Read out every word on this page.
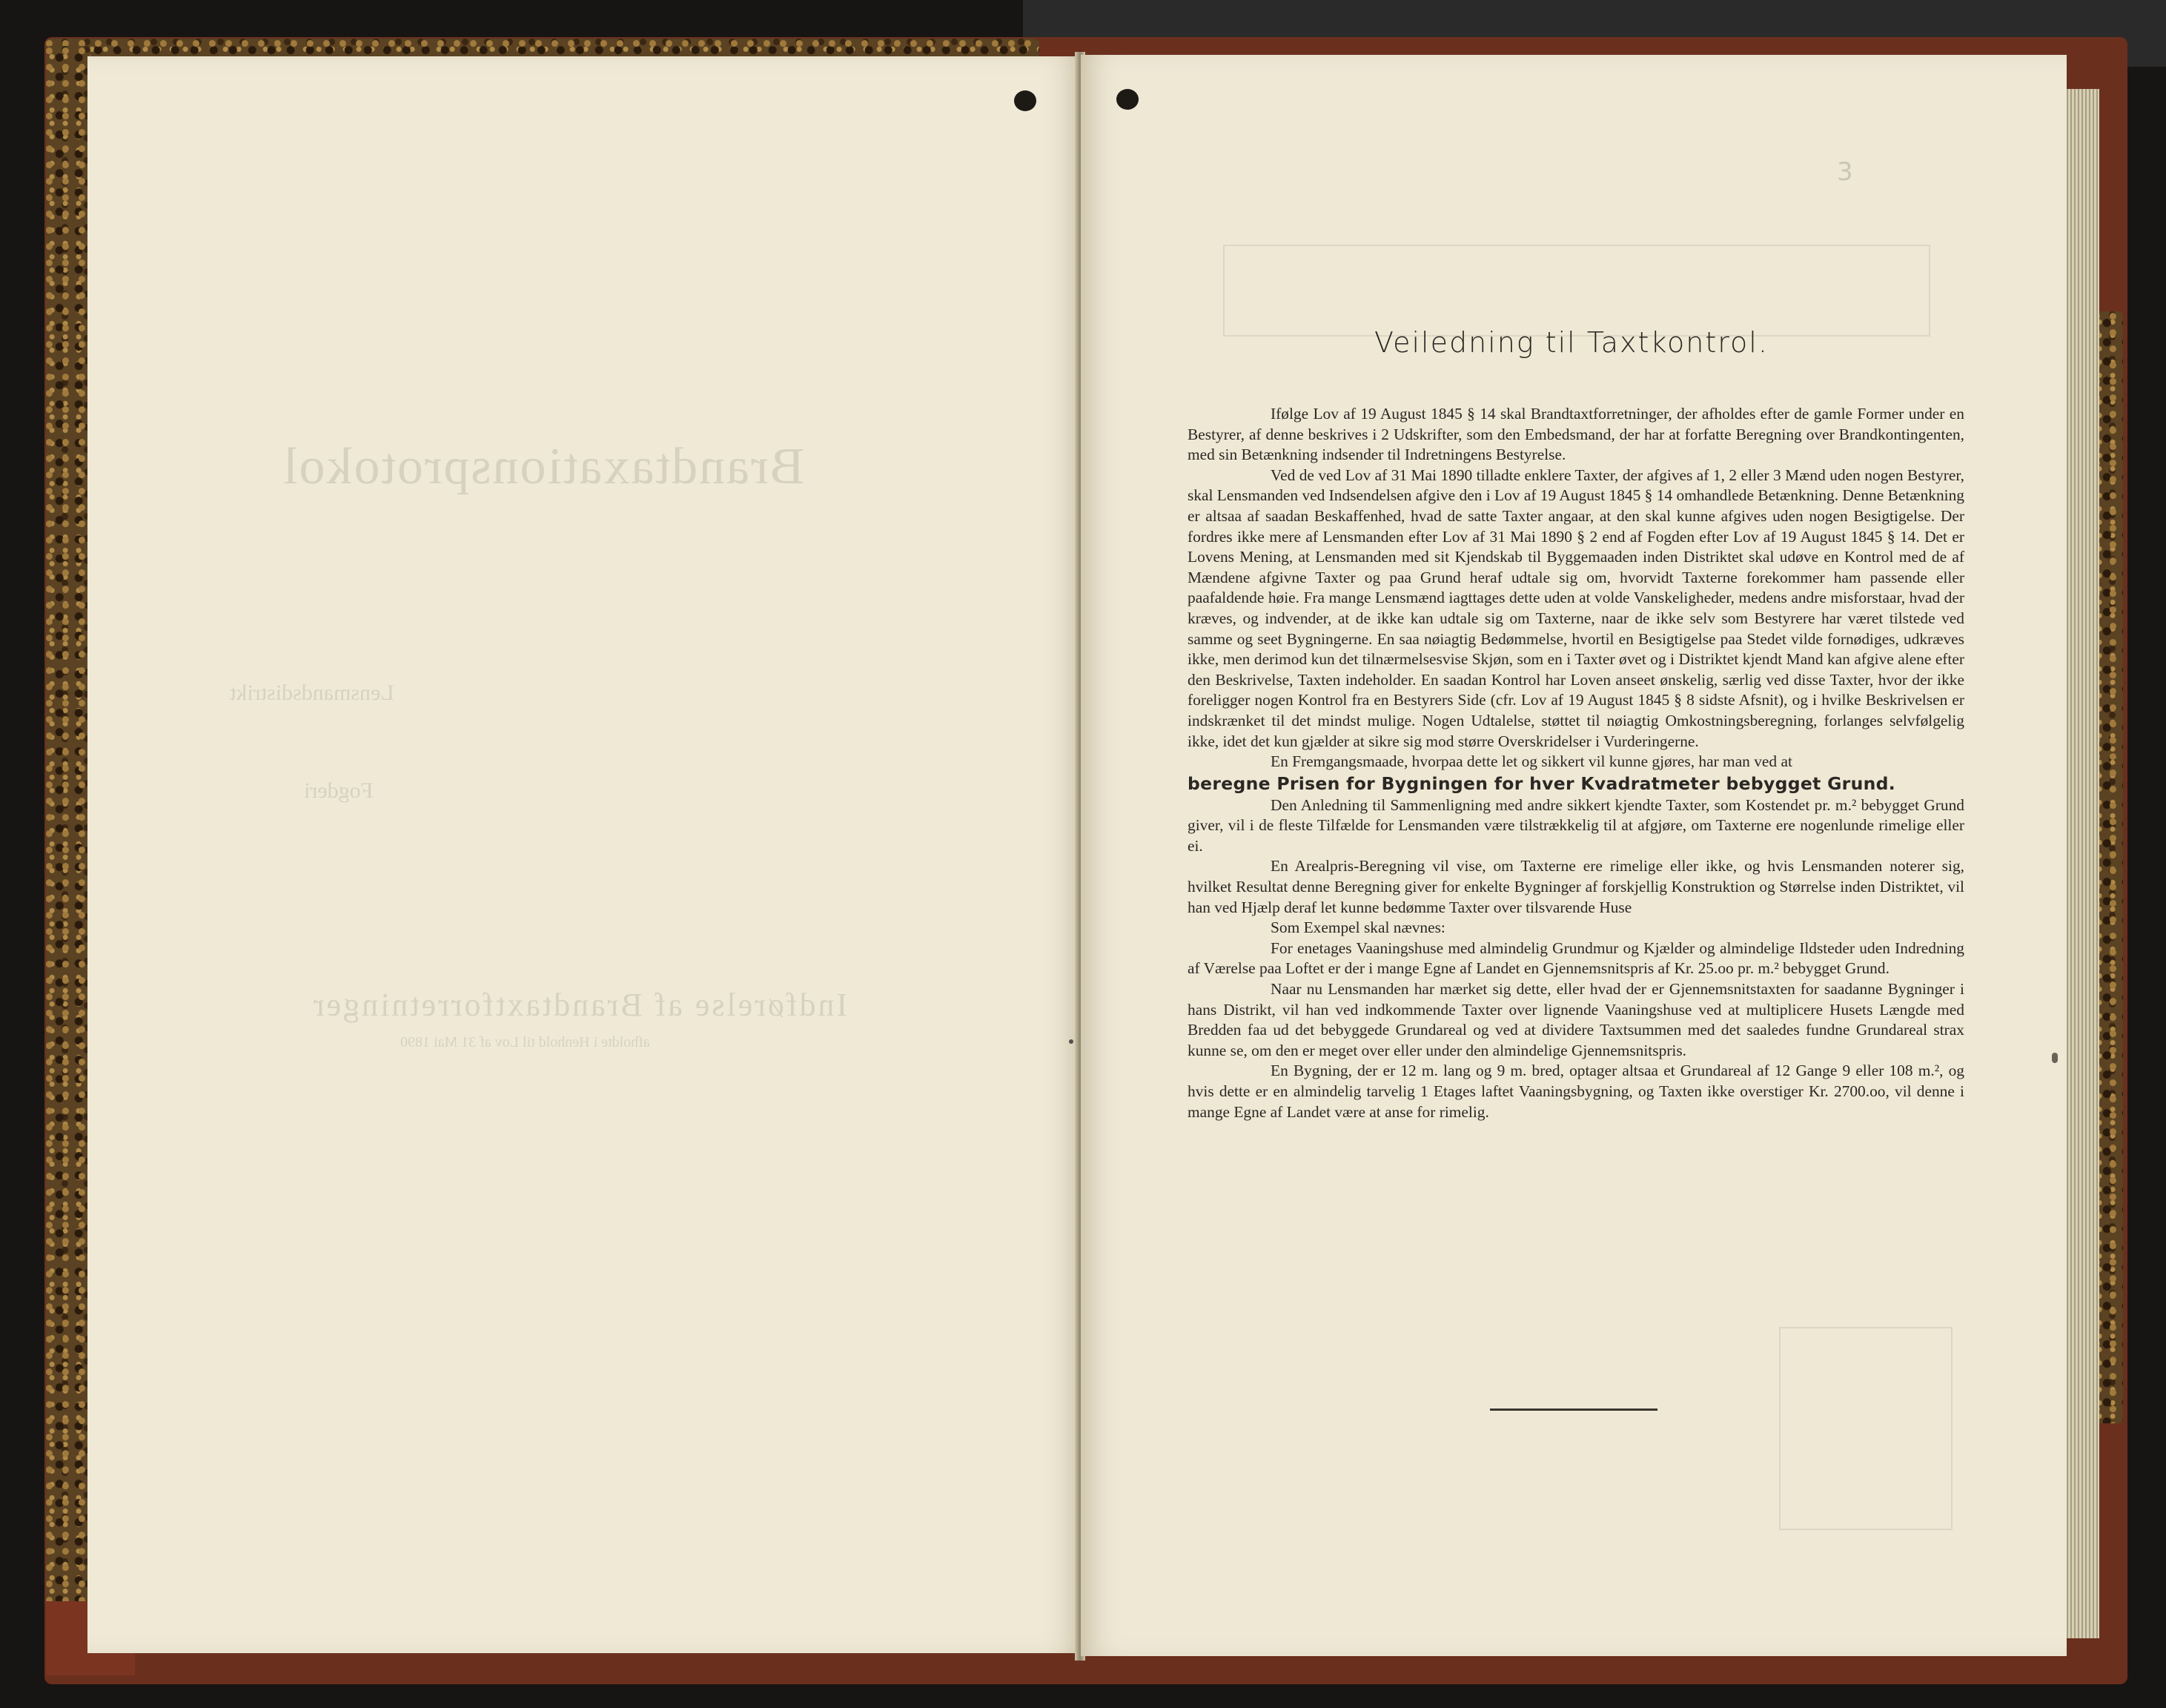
Brandtaxationsprotokol
Lensmandsdistrikt
Fogderi
Indførelse af Brandtaxtforretninger
afholdte i Henhold til Lov af 31 Mai 1890
3
Veiledning til Taxtkontrol.

Ifølge Lov af 19 August 1845 § 14 skal Brandtaxtforretninger, der afholdes efter de gamle Former under en Bestyrer, af denne beskrives i 2 Udskrifter, som den Embedsmand, der har at forfatte Beregning over Brandkontingenten, med sin Betænkning indsender til Indretningens Bestyrelse.

Ved de ved Lov af 31 Mai 1890 tilladte enklere Taxter, der afgives af 1, 2 eller 3 Mænd uden nogen Bestyrer, skal Lensmanden ved Indsendelsen afgive den i Lov af 19 August 1845 § 14 omhandlede Betænkning. Denne Betænkning er altsaa af saadan Beskaffenhed, hvad de satte Taxter angaar, at den skal kunne afgives uden nogen Besigtigelse. Der fordres ikke mere af Lensmanden efter Lov af 31 Mai 1890 § 2 end af Fogden efter Lov af 19 August 1845 § 14. Det er Lovens Mening, at Lensmanden med sit Kjendskab til Byggemaaden inden Distriktet skal udøve en Kontrol med de af Mændene afgivne Taxter og paa Grund heraf udtale sig om, hvorvidt Taxterne forekommer ham passende eller paafaldende høie. Fra mange Lensmænd iagttages dette uden at volde Vanskeligheder, medens andre misforstaar, hvad der kræves, og indvender, at de ikke kan udtale sig om Taxterne, naar de ikke selv som Bestyrere har været tilstede ved samme og seet Bygningerne. En saa nøiagtig Bedømmelse, hvortil en Besigtigelse paa Stedet vilde fornødiges, udkræves ikke, men derimod kun det tilnærmelsesvise Skjøn, som en i Taxter øvet og i Distriktet kjendt Mand kan afgive alene efter den Beskrivelse, Taxten indeholder. En saadan Kontrol har Loven anseet ønskelig, særlig ved disse Taxter, hvor der ikke foreligger nogen Kontrol fra en Bestyrers Side (cfr. Lov af 19 August 1845 § 8 sidste Afsnit), og i hvilke Beskrivelsen er indskrænket til det mindst mulige. Nogen Udtalelse, støttet til nøiagtig Omkostningsberegning, forlanges selvfølgelig ikke, idet det kun gjælder at sikre sig mod større Overskridelser i Vurderingerne.

En Fremgangsmaade, hvorpaa dette let og sikkert vil kunne gjøres, har man ved at

beregne Prisen for Bygningen for hver Kvadratmeter bebygget Grund.

Den Anledning til Sammenligning med andre sikkert kjendte Taxter, som Kostendet pr. m.² bebygget Grund giver, vil i de fleste Tilfælde for Lensmanden være tilstrækkelig til at afgjøre, om Taxterne ere nogenlunde rimelige eller ei.

En Arealpris-Beregning vil vise, om Taxterne ere rimelige eller ikke, og hvis Lensmanden noterer sig, hvilket Resultat denne Beregning giver for enkelte Bygninger af forskjellig Konstruktion og Størrelse inden Distriktet, vil han ved Hjælp deraf let kunne bedømme Taxter over tilsvarende Huse

Som Exempel skal nævnes:

For enetages Vaaningshuse med almindelig Grundmur og Kjælder og almindelige Ildsteder uden Indredning af Værelse paa Loftet er der i mange Egne af Landet en Gjennemsnitspris af Kr. 25.oo pr. m.² bebygget Grund.

Naar nu Lensmanden har mærket sig dette, eller hvad der er Gjennemsnitstaxten for saadanne Bygninger i hans Distrikt, vil han ved indkommende Taxter over lignende Vaaningshuse ved at multiplicere Husets Længde med Bredden faa ud det bebyggede Grundareal og ved at dividere Taxtsummen med det saaledes fundne Grundareal strax kunne se, om den er meget over eller under den almindelige Gjennemsnitspris.

En Bygning, der er 12 m. lang og 9 m. bred, optager altsaa et Grundareal af 12 Gange 9 eller 108 m.², og hvis dette er en almindelig tarvelig 1 Etages laftet Vaaningsbygning, og Taxten ikke overstiger Kr. 2700.oo, vil denne i mange Egne af Landet være at anse for rimelig.
